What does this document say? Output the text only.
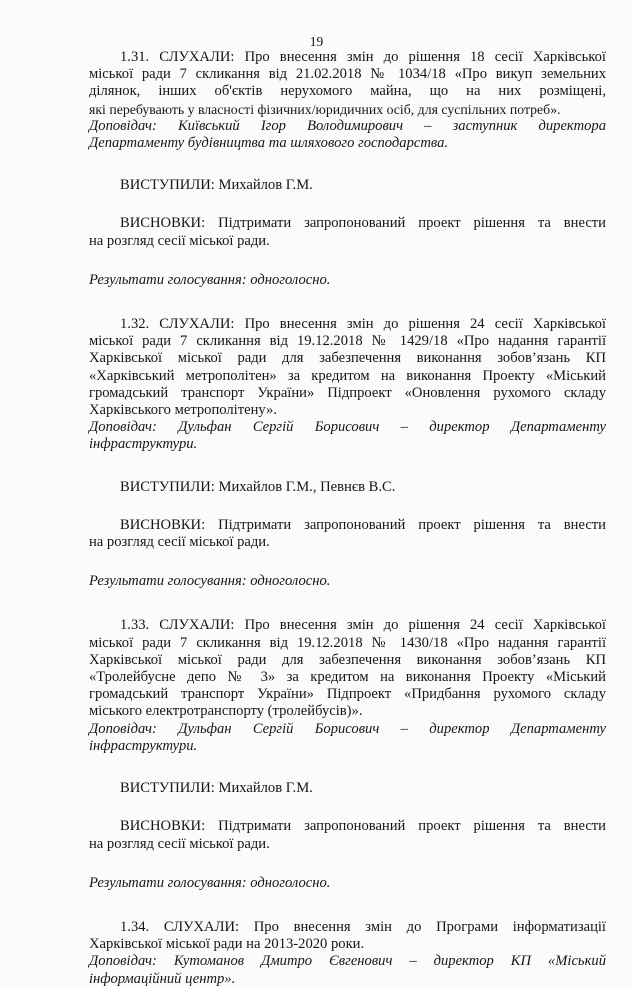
19

1.31. СЛУХАЛИ: Про внесення змін до рішення 18 сесії Харківської

міської ради 7 скликання від 21.02.2018 № 1034/18 «Про викуп земельних

ділянок, інших об'єктів нерухомого майна, що на них розміщені,

які перебувають у власності фізичних/юридичних осіб, для суспільних потреб».

Доповідач: Київський Ігор Володимирович – заступник директора

Департаменту будівництва та шляхового господарства.

ВИСТУПИЛИ: Михайлов Г.М.

ВИСНОВКИ: Підтримати запропонований проект рішення та внести

на розгляд сесії міської ради.

Результати голосування: одноголосно.

1.32. СЛУХАЛИ: Про внесення змін до рішення 24 сесії Харківської

міської ради 7 скликання від 19.12.2018 № 1429/18 «Про надання гарантії

Харківської міської ради для забезпечення виконання зобов’язань КП

«Харківський метрополітен» за кредитом на виконання Проекту «Міський

громадський транспорт України» Підпроект «Оновлення рухомого складу

Харківського метрополітену».

Доповідач: Дульфан Сергій Борисович – директор Департаменту

інфраструктури.

ВИСТУПИЛИ: Михайлов Г.М., Певнєв В.С.

ВИСНОВКИ: Підтримати запропонований проект рішення та внести

на розгляд сесії міської ради.

Результати голосування: одноголосно.

1.33. СЛУХАЛИ: Про внесення змін до рішення 24 сесії Харківської

міської ради 7 скликання від 19.12.2018 № 1430/18 «Про надання гарантії

Харківської міської ради для забезпечення виконання зобов’язань КП

«Тролейбусне депо № 3» за кредитом на виконання Проекту «Міський

громадський транспорт України» Підпроект «Придбання рухомого складу

міського електротранспорту (тролейбусів)».

Доповідач: Дульфан Сергій Борисович – директор Департаменту

інфраструктури.

ВИСТУПИЛИ: Михайлов Г.М.

ВИСНОВКИ: Підтримати запропонований проект рішення та внести

на розгляд сесії міської ради.

Результати голосування: одноголосно.

1.34. СЛУХАЛИ: Про внесення змін до Програми інформатизації

Харківської міської ради на 2013-2020 роки.

Доповідач: Кутоманов Дмитро Євгенович – директор КП «Міський

інформаційний центр».
